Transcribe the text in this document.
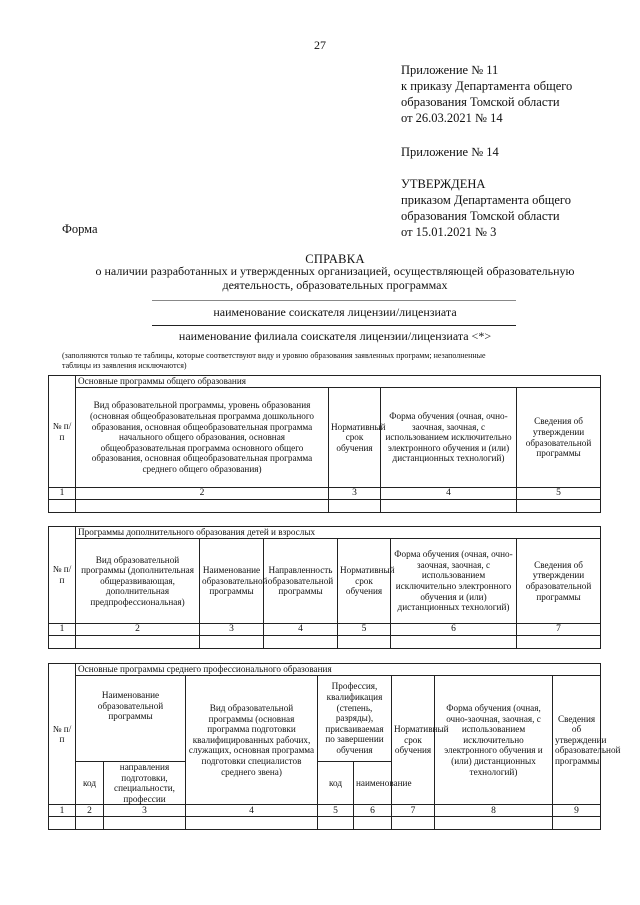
27
Приложение № 11
к приказу Департамента общего
образования Томской области
от 26.03.2021 № 14
Приложение № 14
УТВЕРЖДЕНА
приказом Департамента общего
образования Томской области
от 15.01.2021 № 3
Форма
СПРАВКА
о наличии разработанных и утвержденных организацией, осуществляющей образовательную
деятельность, образовательных программах
наименование соискателя лицензии/лицензиата
наименование филиала соискателя лицензии/лицензиата <*>
(заполняются только те таблицы, которые соответствуют виду и уровню образования заявленных программ; незаполненные
таблицы из заявления исключаются)
№ п/п	Основные программы общего образования			
	Вид образовательной программы, уровень образования (основная общеобразовательная программа дошкольного образования, основная общеобразовательная программа начального общего образования, основная общеобразовательная программа основного общего образования, основная общеобразовательная программа среднего общего образования)	Нормативный срок обучения	Форма обучения (очная, очно-заочная, заочная, с использованием исключительно электронного обучения и (или) дистанционных технологий)	Сведения об утверждении образовательной программы
1	2	3	4	5

№ п/п	Программы дополнительного образования детей и взрослых					
	Вид образовательной программы (дополнительная общеразвивающая, дополнительная предпрофессиональная)	Наименование образовательной программы	Направленность образовательной программы	Нормативный срок обучения	Форма обучения (очная, очно-заочная, заочная, с использованием исключительно электронного обучения и (или) дистанционных технологий)	Сведения об утверждении образовательной программы
1	2	3	4	5	6	7

№ п/п	Основные программы среднего профессионального образования							
	Наименование образовательной программы		Вид образовательной программы (основная программа подготовки квалифицированных рабочих, служащих, основная программа подготовки специалистов среднего звена)	Профессия, квалификация (степень, разряды), присваиваемая по завершении обучения		Нормативный срок обучения	Форма обучения (очная, очно-заочная, заочная, с использованием исключительно электронного обучения и (или) дистанционных технологий)	Сведения об утверждении образовательной программы
	код	направления подготовки, специальности, профессии		код	наименование			
1	2	3	4	5	6	7	8	9
